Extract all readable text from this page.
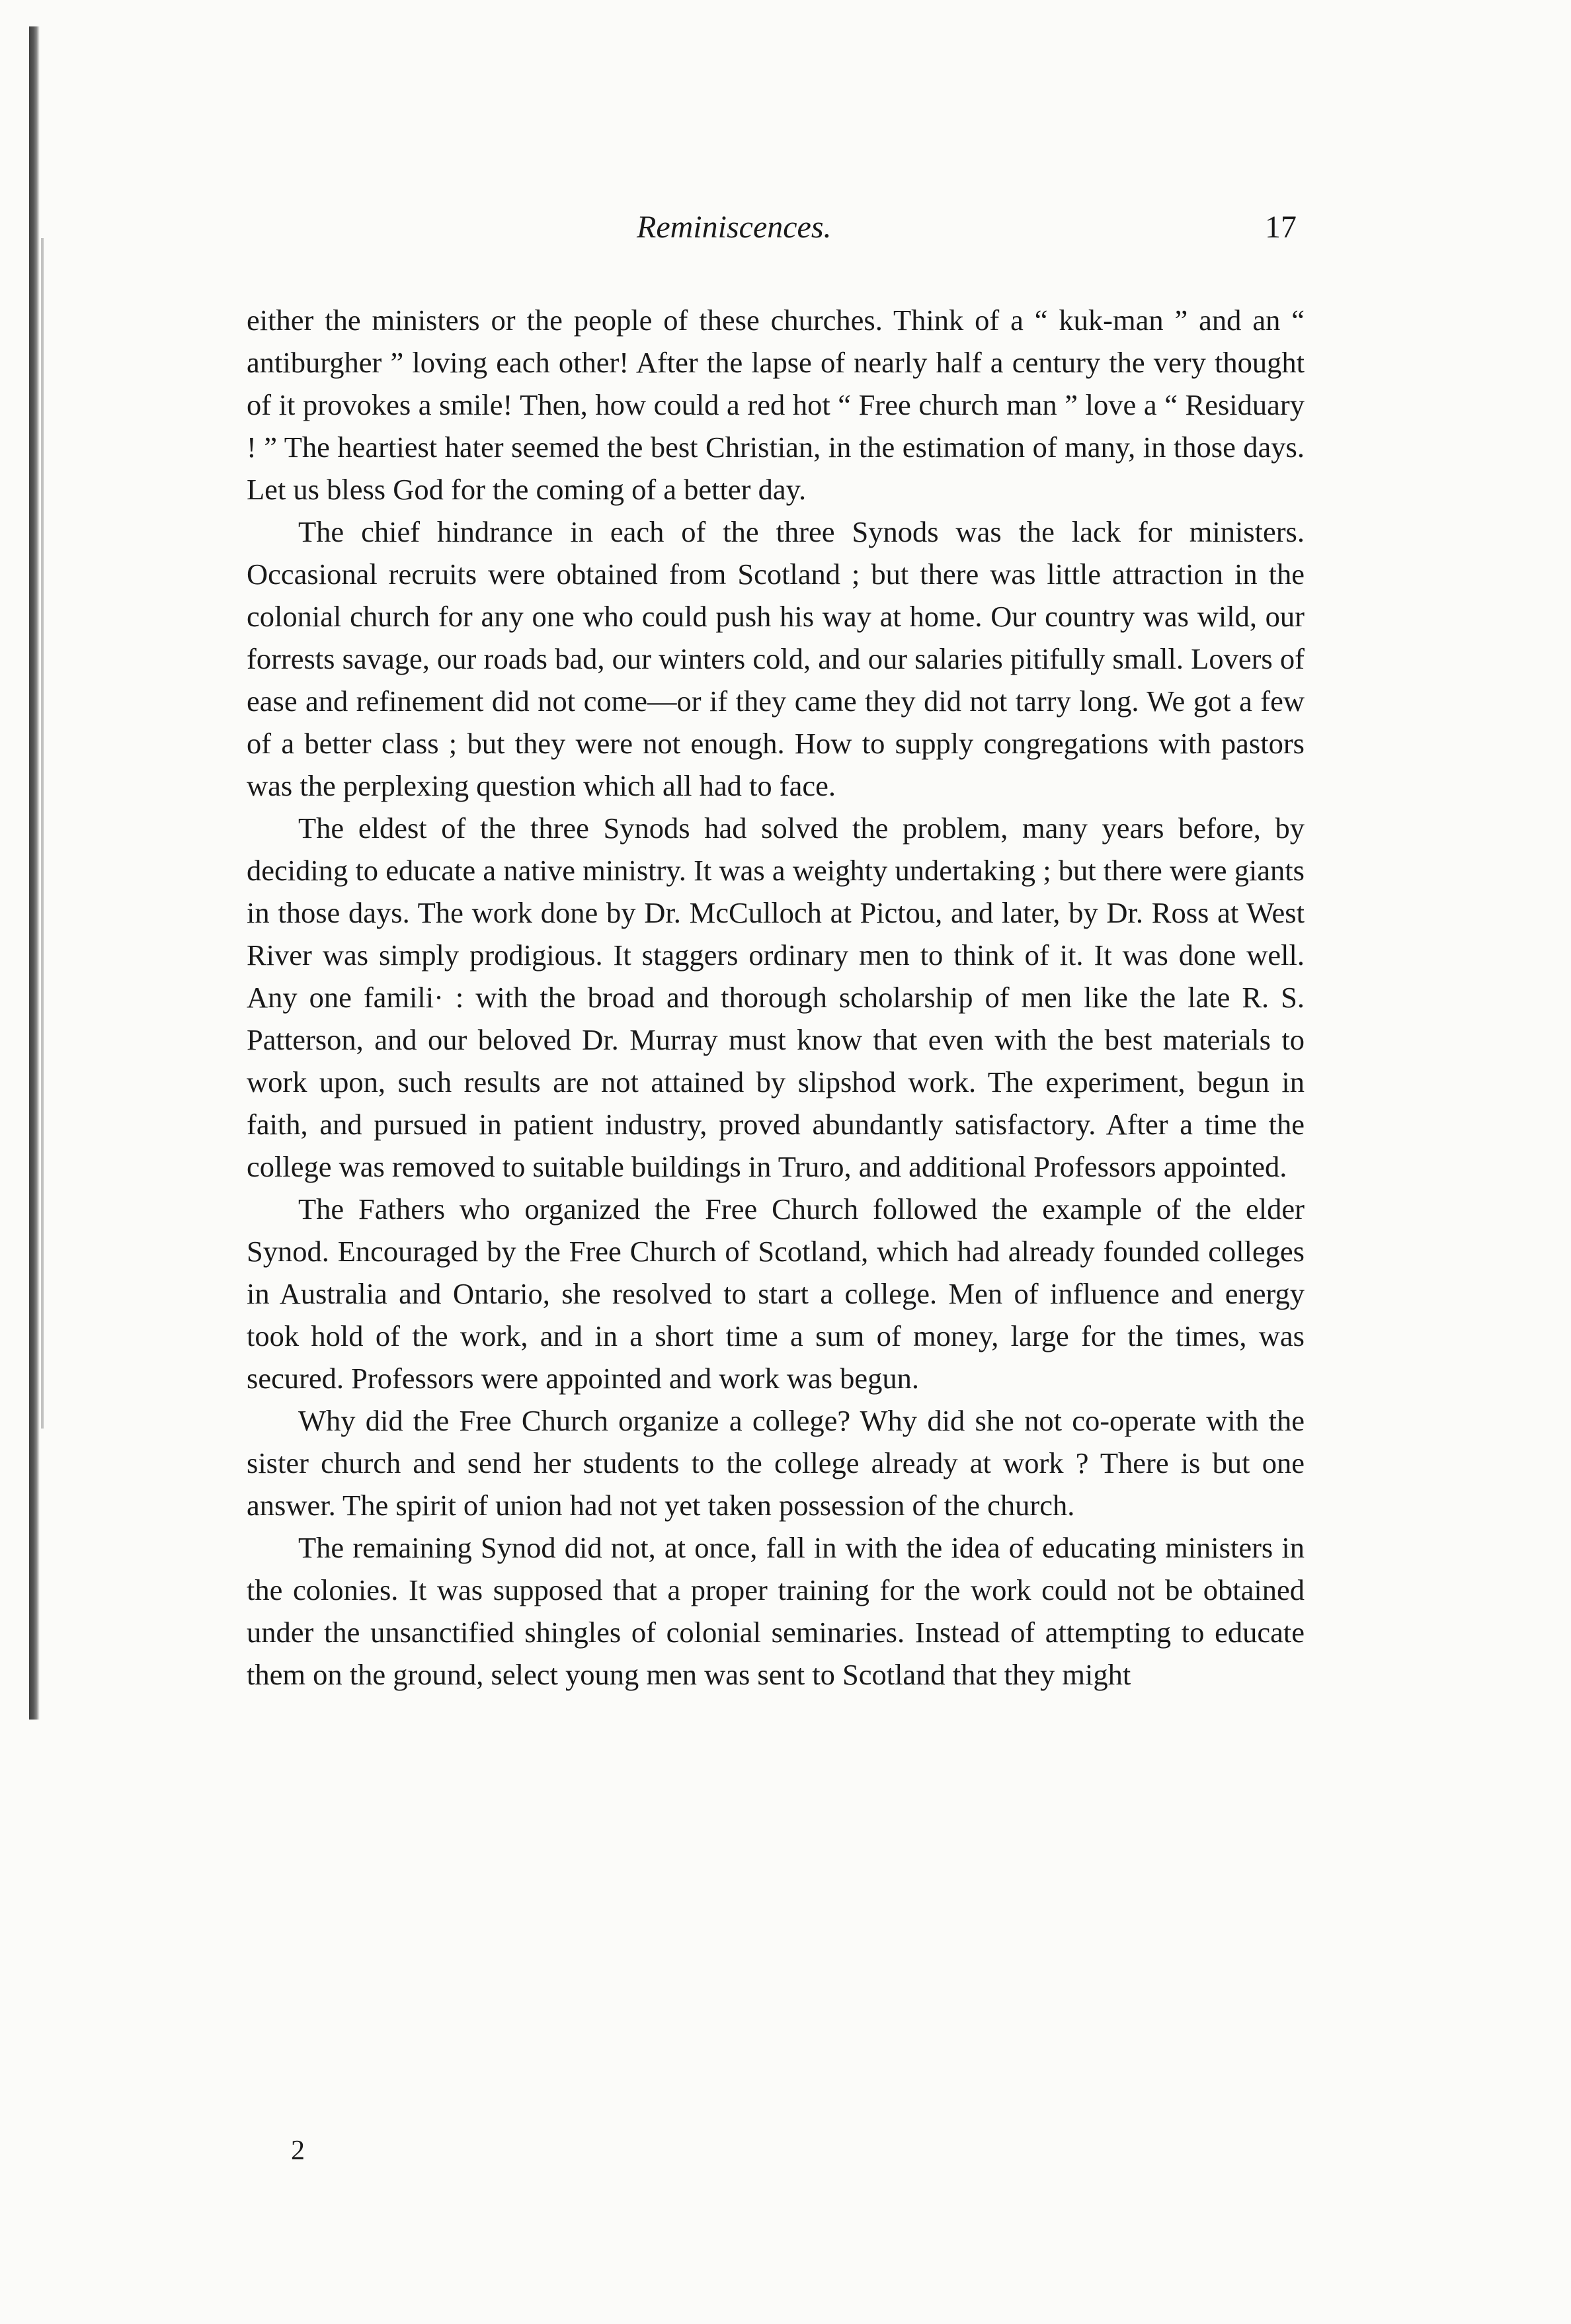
Reminiscences.	17

either the ministers or the people of these churches. Think of a “ kuk-man ” and an “ antiburgher ” loving each other! After the lapse of nearly half a century the very thought of it provokes a smile! Then, how could a red hot “ Free church man ” love a “ Residuary ! ” The heartiest hater seemed the best Christian, in the estimation of many, in those days. Let us bless God for the coming of a better day.

The chief hindrance in each of the three Synods was the lack for ministers. Occasional recruits were obtained from Scotland ; but there was little attraction in the colonial church for any one who could push his way at home. Our country was wild, our forrests savage, our roads bad, our winters cold, and our salaries pitifully small. Lovers of ease and refinement did not come—or if they came they did not tarry long. We got a few of a better class ; but they were not enough. How to supply congregations with pastors was the perplexing question which all had to face.

The eldest of the three Synods had solved the problem, many years before, by deciding to educate a native ministry. It was a weighty undertaking ; but there were giants in those days. The work done by Dr. McCulloch at Pictou, and later, by Dr. Ross at West River was simply prodigious. It staggers ordinary men to think of it. It was done well. Any one famili· : with the broad and thorough scholarship of men like the late R. S. Patterson, and our beloved Dr. Murray must know that even with the best materials to work upon, such results are not attained by slipshod work. The experiment, begun in faith, and pursued in patient industry, proved abundantly satisfactory. After a time the college was removed to suitable buildings in Truro, and additional Professors appointed.

The Fathers who organized the Free Church followed the example of the elder Synod. Encouraged by the Free Church of Scotland, which had already founded colleges in Australia and Ontario, she resolved to start a college. Men of influence and energy took hold of the work, and in a short time a sum of money, large for the times, was secured. Professors were appointed and work was begun.

Why did the Free Church organize a college? Why did she not co-operate with the sister church and send her students to the college already at work ? There is but one answer. The spirit of union had not yet taken possession of the church.

The remaining Synod did not, at once, fall in with the idea of educating ministers in the colonies. It was supposed that a proper training for the work could not be obtained under the unsanctified shingles of colonial seminaries. Instead of attempting to educate them on the ground, select young men was sent to Scotland that they might

2
